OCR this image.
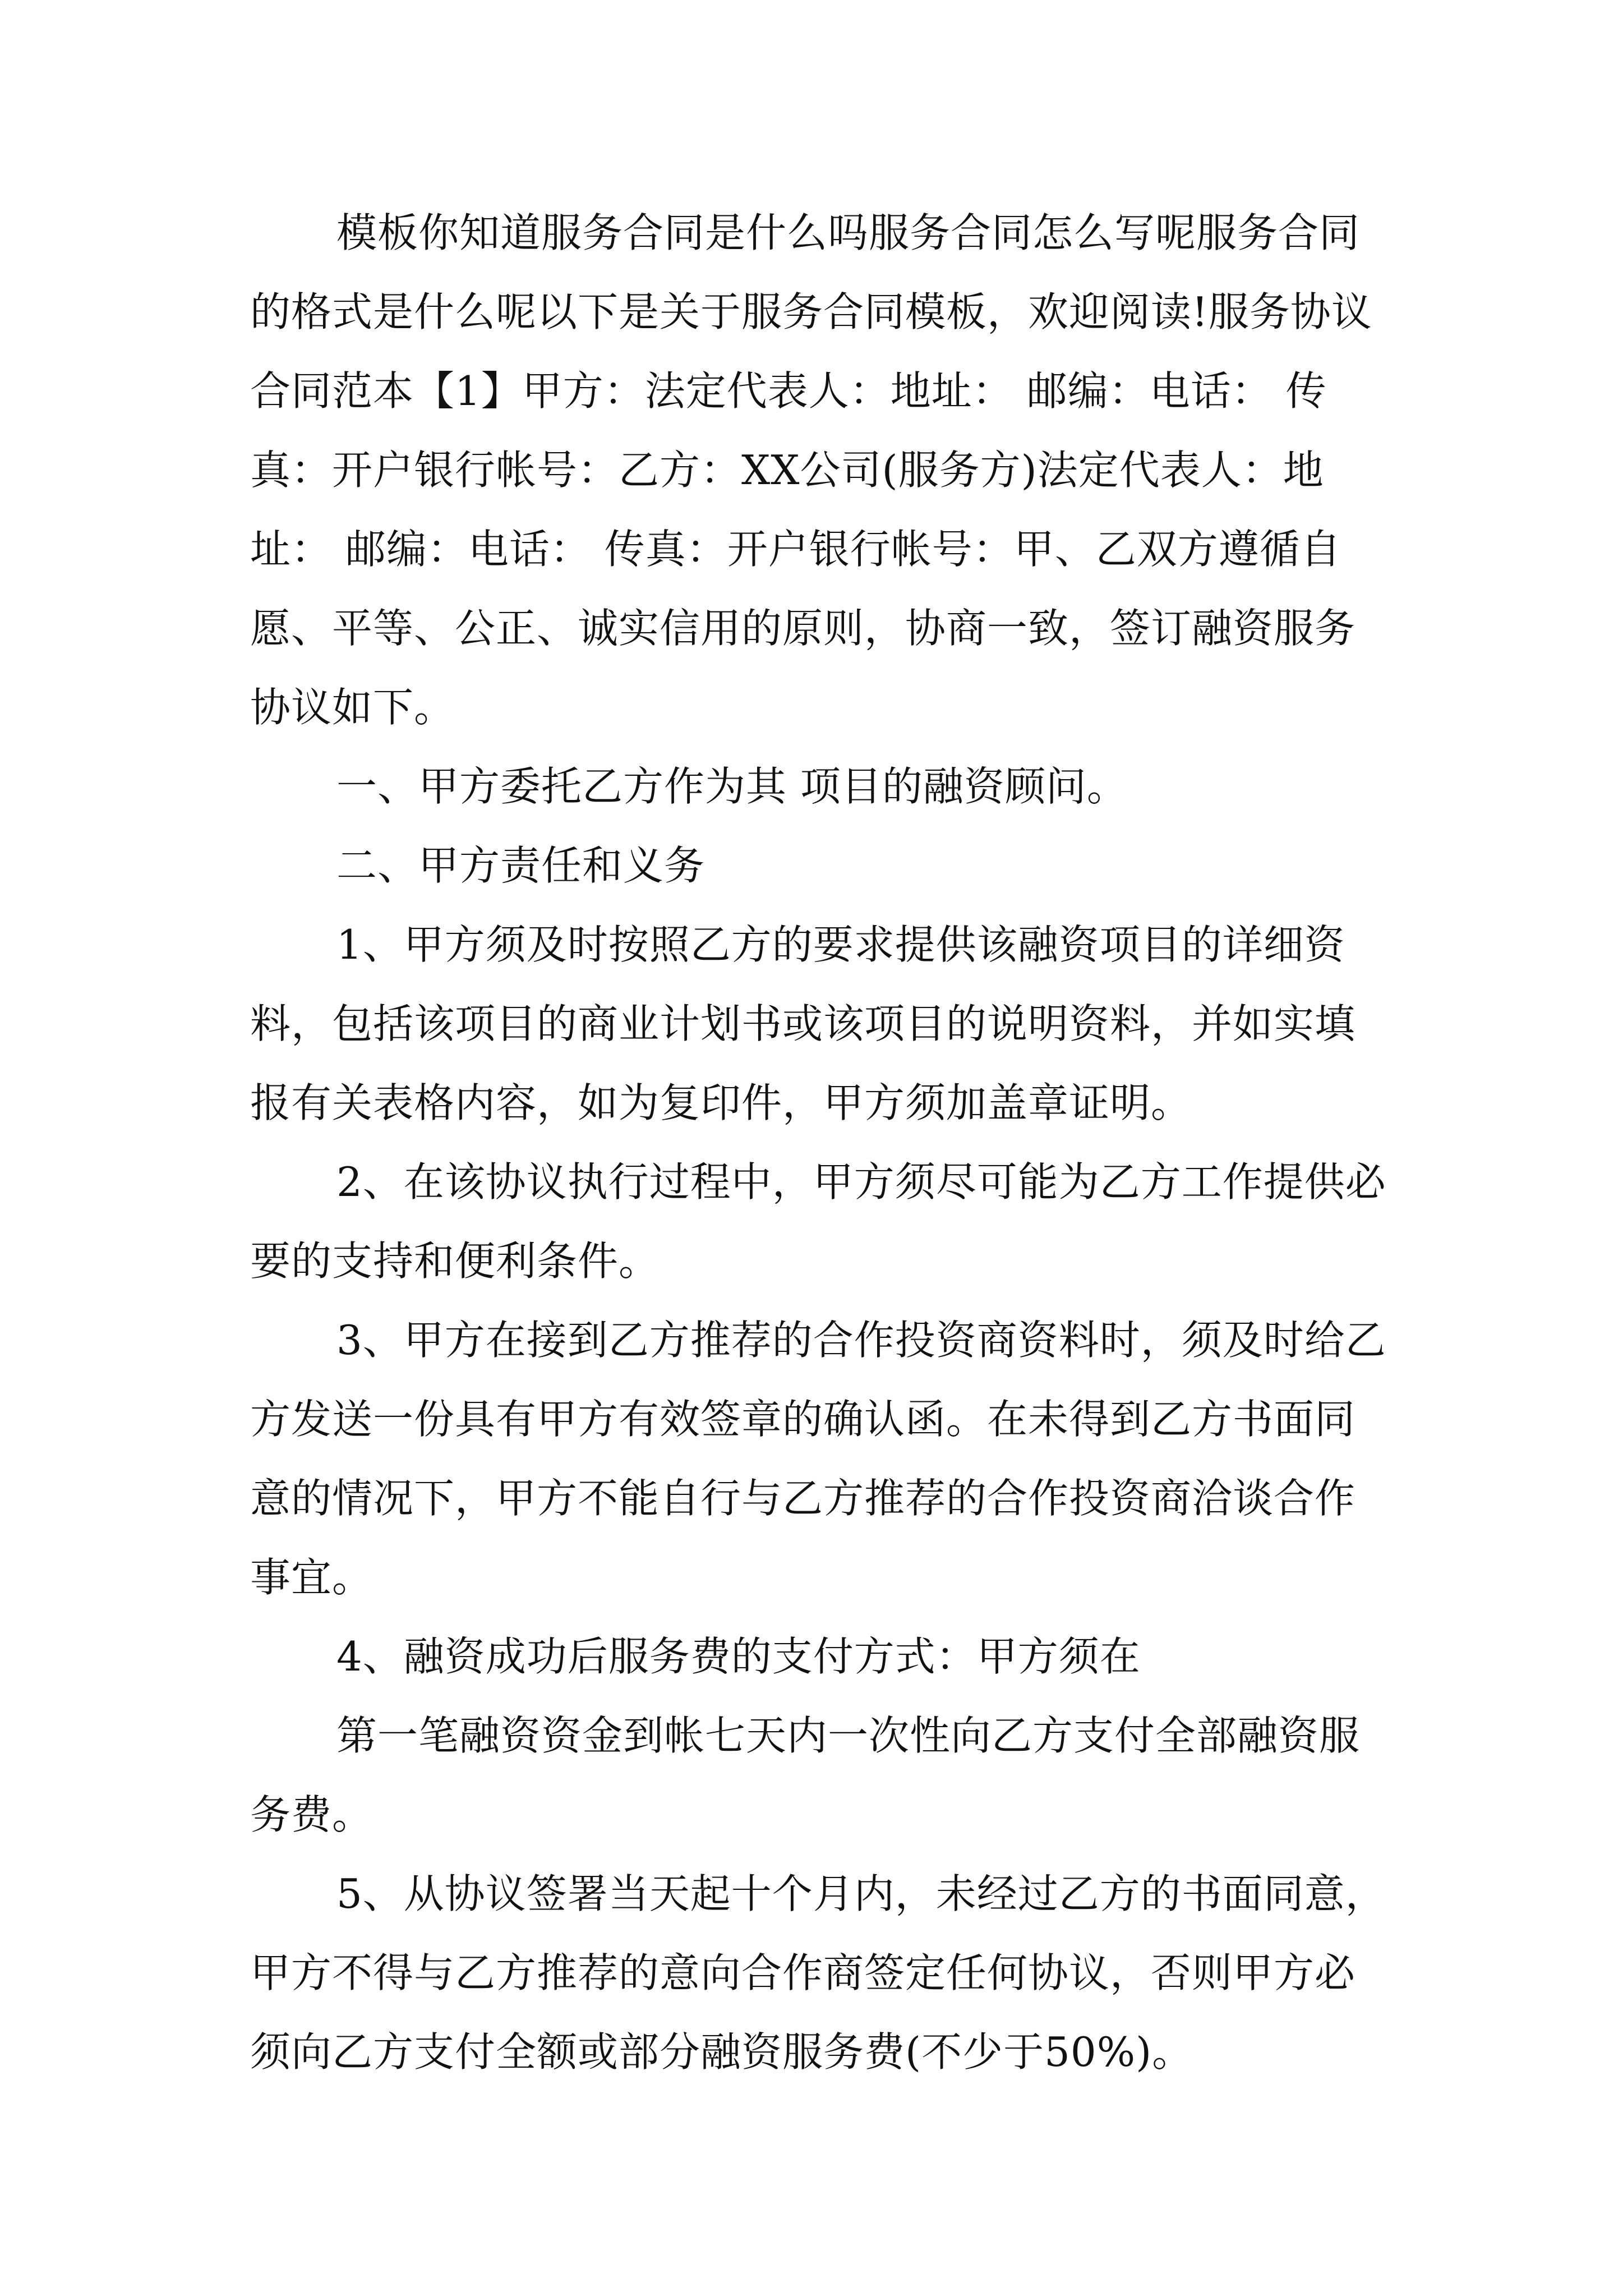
模板你知道服务合同是什么吗服务合同怎么写呢服务合同的格式是什么呢以下是关于服务合同模板，欢迎阅读!服务协议合同范本【1】甲方：法定代表人：地址： 邮编：电话： 传真：开户银行帐号：乙方：XX公司(服务方)法定代表人：地址： 邮编：电话： 传真：开户银行帐号：甲、乙双方遵循自愿、平等、公正、诚实信用的原则，协商一致，签订融资服务协议如下。

一、甲方委托乙方作为其 项目的融资顾问。

二、甲方责任和义务

1、甲方须及时按照乙方的要求提供该融资项目的详细资料，包括该项目的商业计划书或该项目的说明资料，并如实填报有关表格内容，如为复印件，甲方须加盖章证明。

2、在该协议执行过程中，甲方须尽可能为乙方工作提供必要的支持和便利条件。

3、甲方在接到乙方推荐的合作投资商资料时，须及时给乙方发送一份具有甲方有效签章的确认函。在未得到乙方书面同意的情况下，甲方不能自行与乙方推荐的合作投资商洽谈合作事宜。

4、融资成功后服务费的支付方式：甲方须在

第一笔融资资金到帐七天内一次性向乙方支付全部融资服务费。

5、从协议签署当天起十个月内，未经过乙方的书面同意，甲方不得与乙方推荐的意向合作商签定任何协议，否则甲方必须向乙方支付全额或部分融资服务费(不少于50%)。
